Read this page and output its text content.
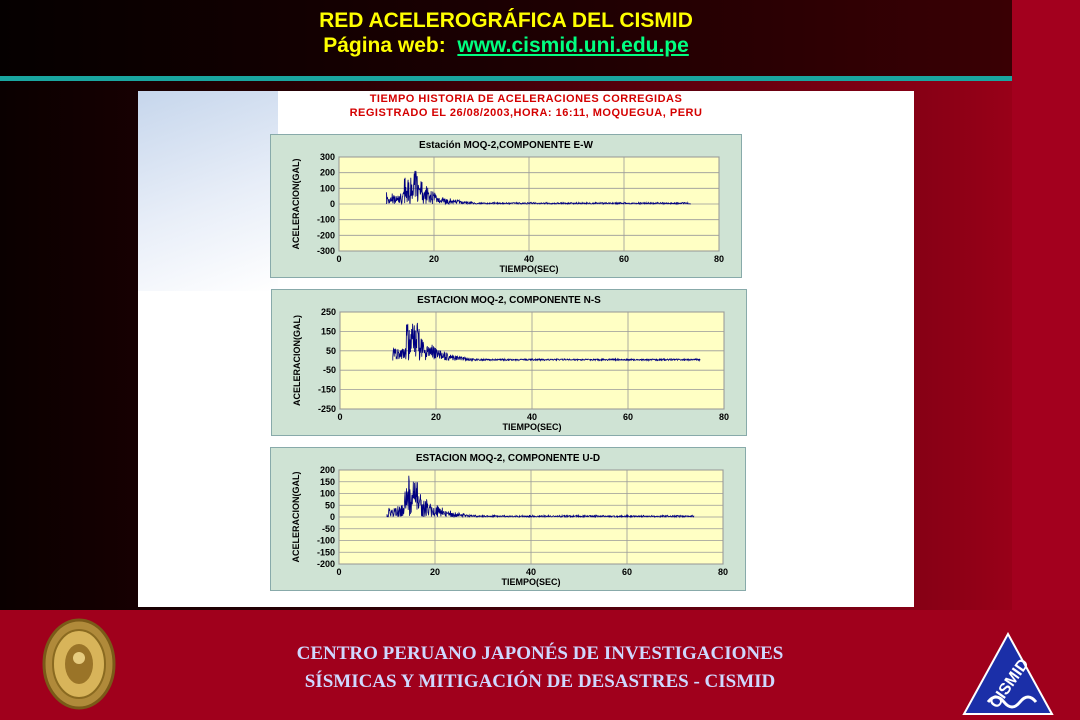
RED ACELEROGRÁFICA DEL CISMID
Página web: www.cismid.uni.edu.pe
TIEMPO HISTORIA DE ACELERACIONES CORREGIDAS
REGISTRADO EL 26/08/2003,HORA: 16:11, MOQUEGUA, PERU
Estación MOQ-2,COMPONENTE E-W
0	20	40	60	80
300
200
100
0
-100
-200
-300
TIEMPO(SEC)
ACELERACION(GAL)
ESTACION MOQ-2, COMPONENTE N-S
0	20	40	60	80
250
150
50
-50
-150
-250
TIEMPO(SEC)
ACELERACION(GAL)
ESTACION MOQ-2, COMPONENTE U-D
0	20	40	60	80
200
150
100
50
0
-50
-100
-150
-200
TIEMPO(SEC)
ACELERACION(GAL)
CISMID
CENTRO PERUANO JAPONÉS DE INVESTIGACIONES
SÍSMICAS Y MITIGACIÓN DE DESASTRES - CISMID
